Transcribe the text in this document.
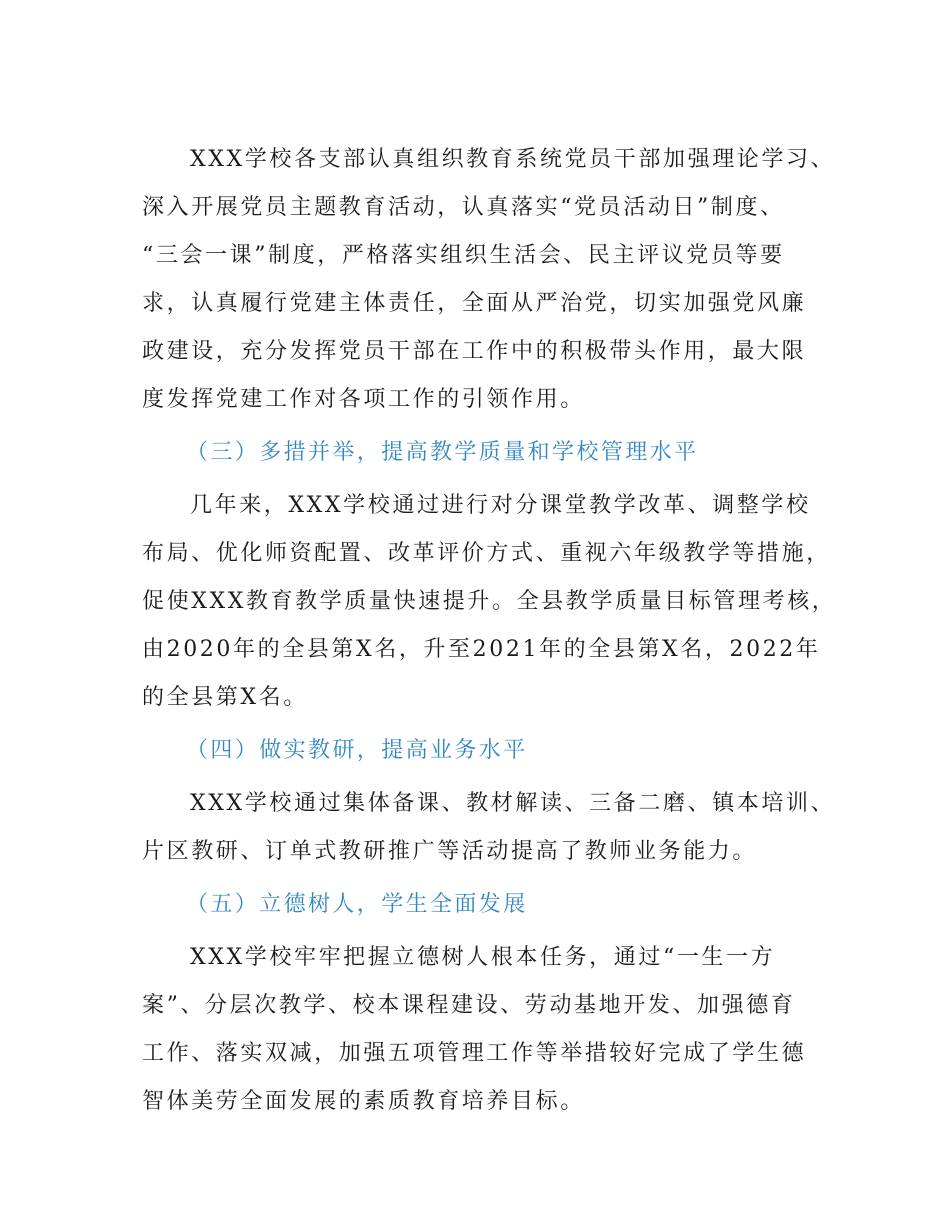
XXX学校各支部认真组织教育系统党员干部加强理论学习、

深入开展党员主题教育活动，认真落实“党员活动日”制度、

“三会一课”制度，严格落实组织生活会、民主评议党员等要

求，认真履行党建主体责任，全面从严治党，切实加强党风廉

政建设，充分发挥党员干部在工作中的积极带头作用，最大限

度发挥党建工作对各项工作的引领作用。

（三）多措并举，提高教学质量和学校管理水平

几年来，XXX学校通过进行对分课堂教学改革、调整学校

布局、优化师资配置、改革评价方式、重视六年级教学等措施，

促使XXX教育教学质量快速提升。全县教学质量目标管理考核，

由2020年的全县第X名，升至2021年的全县第X名，2022年

的全县第X名。

（四）做实教研，提高业务水平

XXX学校通过集体备课、教材解读、三备二磨、镇本培训、

片区教研、订单式教研推广等活动提高了教师业务能力。

（五）立德树人，学生全面发展

XXX学校牢牢把握立德树人根本任务，通过“一生一方

案”、分层次教学、校本课程建设、劳动基地开发、加强德育

工作、落实双减，加强五项管理工作等举措较好完成了学生德

智体美劳全面发展的素质教育培养目标。
